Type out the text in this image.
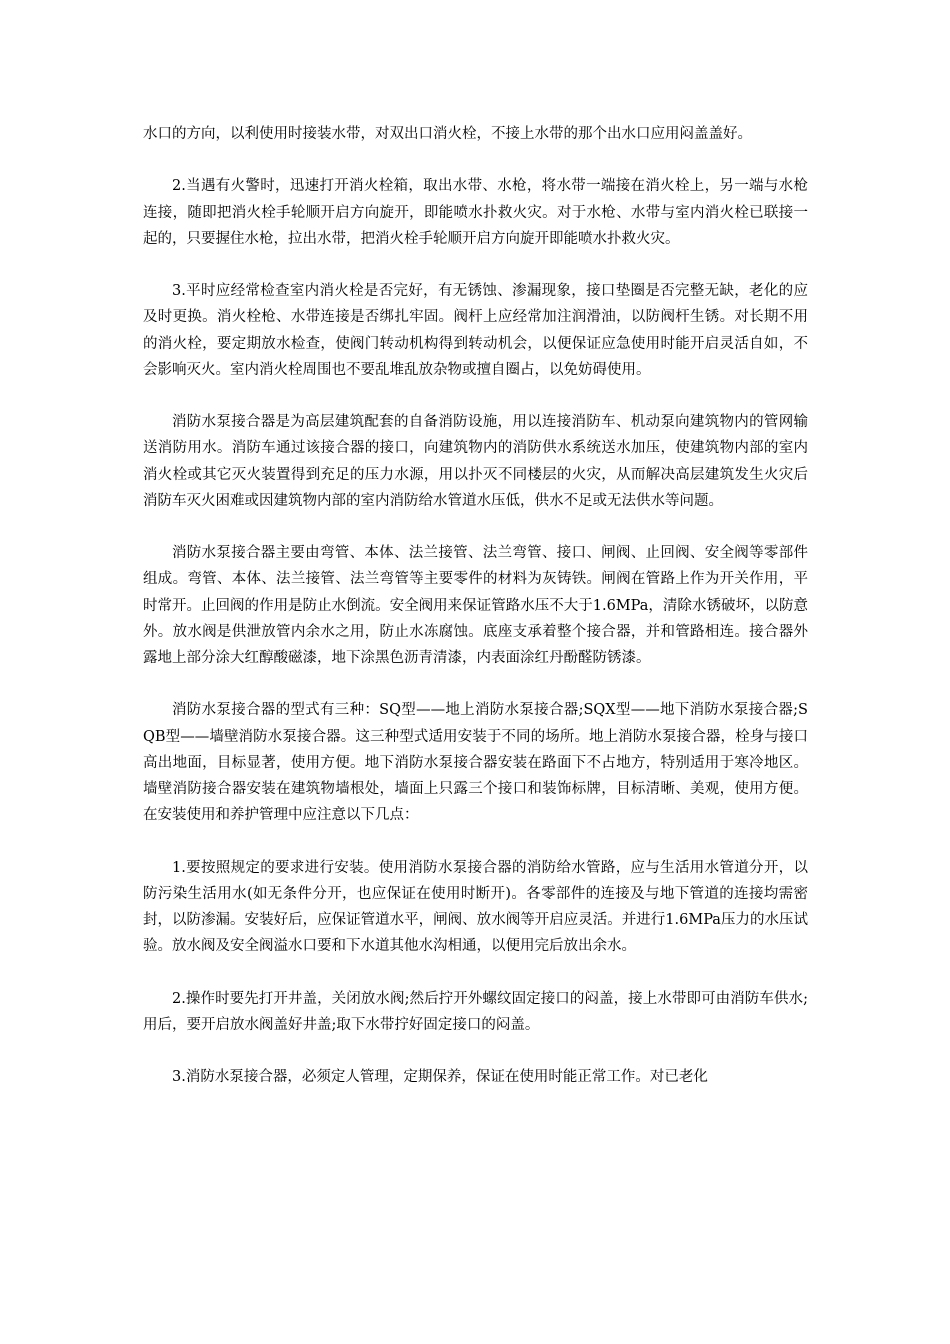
水口的方向，以利使用时接装水带，对双出口消火栓，不接上水带的那个出水口应用闷盖盖好。

2.当遇有火警时，迅速打开消火栓箱，取出水带、水枪，将水带一端接在消火栓上，另一端与水枪连接，随即把消火栓手轮顺开启方向旋开，即能喷水扑救火灾。对于水枪、水带与室内消火栓已联接一起的，只要握住水枪，拉出水带，把消火栓手轮顺开启方向旋开即能喷水扑救火灾。

3.平时应经常检查室内消火栓是否完好，有无锈蚀、渗漏现象，接口垫圈是否完整无缺，老化的应及时更换。消火栓枪、水带连接是否绑扎牢固。阀杆上应经常加注润滑油，以防阀杆生锈。对长期不用的消火栓，要定期放水检查，使阀门转动机构得到转动机会，以便保证应急使用时能开启灵活自如，不会影响灭火。室内消火栓周围也不要乱堆乱放杂物或擅自圈占，以免妨碍使用。

消防水泵接合器是为高层建筑配套的自备消防设施，用以连接消防车、机动泵向建筑物内的管网输送消防用水。消防车通过该接合器的接口，向建筑物内的消防供水系统送水加压，使建筑物内部的室内消火栓或其它灭火装置得到充足的压力水源，用以扑灭不同楼层的火灾，从而解决高层建筑发生火灾后消防车灭火困难或因建筑物内部的室内消防给水管道水压低，供水不足或无法供水等问题。

消防水泵接合器主要由弯管、本体、法兰接管、法兰弯管、接口、闸阀、止回阀、安全阀等零部件组成。弯管、本体、法兰接管、法兰弯管等主要零件的材料为灰铸铁。闸阀在管路上作为开关作用，平时常开。止回阀的作用是防止水倒流。安全阀用来保证管路水压不大于1.6MPa，清除水锈破坏，以防意外。放水阀是供泄放管内余水之用，防止水冻腐蚀。底座支承着整个接合器，并和管路相连。接合器外露地上部分涂大红醇酸磁漆，地下涂黑色沥青清漆，内表面涂红丹酚醛防锈漆。

消防水泵接合器的型式有三种：SQ型——地上消防水泵接合器;SQX型——地下消防水泵接合器;SQB型——墙壁消防水泵接合器。这三种型式适用安装于不同的场所。地上消防水泵接合器，栓身与接口高出地面，目标显著，使用方便。地下消防水泵接合器安装在路面下不占地方，特别适用于寒冷地区。墙壁消防接合器安装在建筑物墙根处，墙面上只露三个接口和装饰标牌，目标清晰、美观，使用方便。在安装使用和养护管理中应注意以下几点：

1.要按照规定的要求进行安装。使用消防水泵接合器的消防给水管路，应与生活用水管道分开，以防污染生活用水(如无条件分开，也应保证在使用时断开)。各零部件的连接及与地下管道的连接均需密封，以防渗漏。安装好后，应保证管道水平，闸阀、放水阀等开启应灵活。并进行1.6MPa压力的水压试验。放水阀及安全阀溢水口要和下水道其他水沟相通，以便用完后放出余水。

2.操作时要先打开井盖，关闭放水阀;然后拧开外螺纹固定接口的闷盖，接上水带即可由消防车供水;用后，要开启放水阀盖好井盖;取下水带拧好固定接口的闷盖。

3.消防水泵接合器，必须定人管理，定期保养，保证在使用时能正常工作。对已老化
